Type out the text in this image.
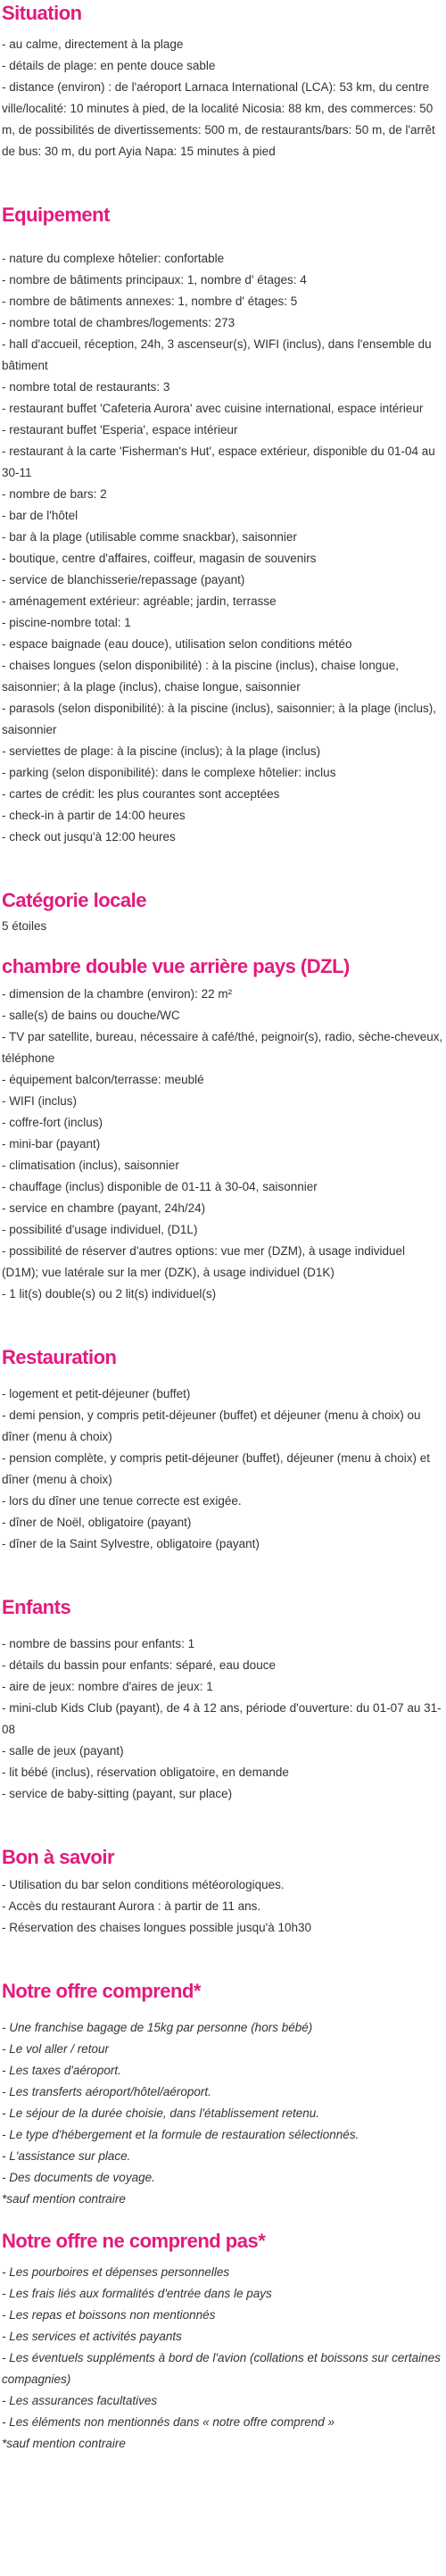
Situation
- au calme, directement à la plage
- détails de plage: en pente douce sable
- distance (environ) : de l'aéroport Larnaca International (LCA): 53 km, du centre ville/localité: 10 minutes à pied, de la localité Nicosia: 88 km, des commerces: 50 m, de possibilités de divertissements: 500 m, de restaurants/bars: 50 m, de l'arrêt de bus: 30 m, du port Ayia Napa: 15 minutes à pied
Equipement
- nature du complexe hôtelier: confortable
- nombre de bâtiments principaux: 1, nombre d' étages: 4
- nombre de bâtiments annexes: 1, nombre d' étages: 5
- nombre total de chambres/logements: 273
- hall d'accueil, réception, 24h, 3 ascenseur(s), WIFI (inclus), dans l'ensemble du bâtiment
- nombre total de restaurants: 3
- restaurant buffet 'Cafeteria Aurora' avec cuisine international, espace intérieur
- restaurant buffet 'Esperia', espace intérieur
- restaurant à la carte 'Fisherman's Hut', espace extérieur, disponible du 01-04 au 30-11
- nombre de bars: 2
- bar de l'hôtel
- bar à la plage (utilisable comme snackbar), saisonnier
- boutique, centre d'affaires, coiffeur, magasin de souvenirs
- service de blanchisserie/repassage (payant)
- aménagement extérieur: agréable; jardin, terrasse
- piscine-nombre total: 1
- espace baignade (eau douce), utilisation selon conditions météo
- chaises longues (selon disponibilité) : à la piscine (inclus), chaise longue, saisonnier; à la plage (inclus), chaise longue, saisonnier
- parasols (selon disponibilité): à la piscine (inclus), saisonnier; à la plage (inclus), saisonnier
- serviettes de plage: à la piscine (inclus); à la plage (inclus)
- parking (selon disponibilité): dans le complexe hôtelier: inclus
- cartes de crédit: les plus courantes sont acceptées
- check-in à partir de 14:00 heures
- check out jusqu'à 12:00 heures
Catégorie locale
5 étoiles
chambre double vue arrière pays (DZL)
- dimension de la chambre (environ): 22 m²
- salle(s) de bains ou douche/WC
- TV par satellite, bureau, nécessaire à café/thé, peignoir(s), radio, sèche-cheveux, téléphone
- équipement balcon/terrasse: meublé
- WIFI (inclus)
- coffre-fort (inclus)
- mini-bar (payant)
- climatisation (inclus), saisonnier
- chauffage (inclus) disponible de 01-11 à 30-04, saisonnier
- service en chambre (payant, 24h/24)
- possibilité d'usage individuel, (D1L)
- possibilité de réserver d'autres options: vue mer (DZM), à usage individuel (D1M); vue latérale sur la mer (DZK), à usage individuel (D1K)
- 1 lit(s) double(s) ou 2 lit(s) individuel(s)
Restauration
- logement et petit-déjeuner (buffet)
- demi pension, y compris petit-déjeuner (buffet) et déjeuner (menu à choix) ou dîner (menu à choix)
- pension complète, y compris petit-déjeuner (buffet), déjeuner (menu à choix) et dîner (menu à choix)
- lors du dîner une tenue correcte est exigée.
- dîner de Noël, obligatoire (payant)
- dîner de la Saint Sylvestre, obligatoire (payant)
Enfants
- nombre de bassins pour enfants: 1
- détails du bassin pour enfants: séparé, eau douce
- aire de jeux: nombre d'aires de jeux: 1
- mini-club Kids Club (payant), de 4 à 12 ans, période d'ouverture: du 01-07 au 31-08
- salle de jeux (payant)
- lit bébé (inclus), réservation obligatoire, en demande
- service de baby-sitting (payant, sur place)
Bon à savoir
- Utilisation du bar selon conditions météorologiques.
- Accès du restaurant Aurora : à partir de 11 ans.
- Réservation des chaises longues possible jusqu'à 10h30
Notre offre comprend*
- Une franchise bagage de 15kg par personne (hors bébé)
- Le vol aller / retour
- Les taxes d'aéroport.
- Les transferts aéroport/hôtel/aéroport.
- Le séjour de la durée choisie, dans l'établissement retenu.
- Le type d'hébergement et la formule de restauration sélectionnés.
- L'assistance sur place.
- Des documents de voyage.

*sauf mention contraire

Notre offre ne comprend pas*
- Les pourboires et dépenses personnelles
- Les frais liés aux formalités d'entrée dans le pays
- Les repas et boissons non mentionnés
- Les services et activités payants
- Les éventuels suppléments à bord de l'avion (collations et boissons sur certaines compagnies)
- Les assurances facultatives
- Les éléments non mentionnés dans « notre offre comprend »

*sauf mention contraire
